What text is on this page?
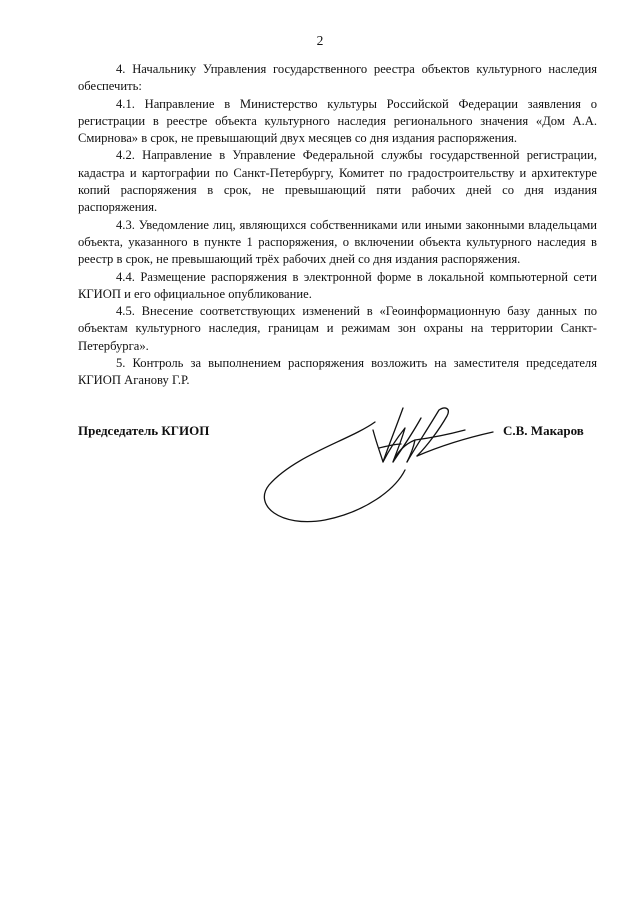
2

4. Начальнику Управления государственного реестра объектов культурного наследия обеспечить:

4.1. Направление в Министерство культуры Российской Федерации заявления о регистрации в реестре объекта культурного наследия регионального значения «Дом А.А. Смирнова» в срок, не превышающий двух месяцев со дня издания распоряжения.

4.2. Направление в Управление Федеральной службы государственной регистрации, кадастра и картографии по Санкт-Петербургу, Комитет по градостроительству и архитектуре копий распоряжения в срок, не превышающий пяти рабочих дней со дня издания распоряжения.

4.3. Уведомление лиц, являющихся собственниками или иными законными владельцами объекта, указанного в пункте 1 распоряжения, о включении объекта культурного наследия в реестр в срок, не превышающий трёх рабочих дней со дня издания распоряжения.

4.4. Размещение распоряжения в электронной форме в локальной компьютерной сети КГИОП и его официальное опубликование.

4.5. Внесение соответствующих изменений в «Геоинформационную базу данных по объектам культурного наследия, границам и режимам зон охраны на территории Санкт-Петербурга».

5. Контроль за выполнением распоряжения возложить на заместителя председателя КГИОП Аганову Г.Р.

Председатель КГИОП	С.В. Макаров
